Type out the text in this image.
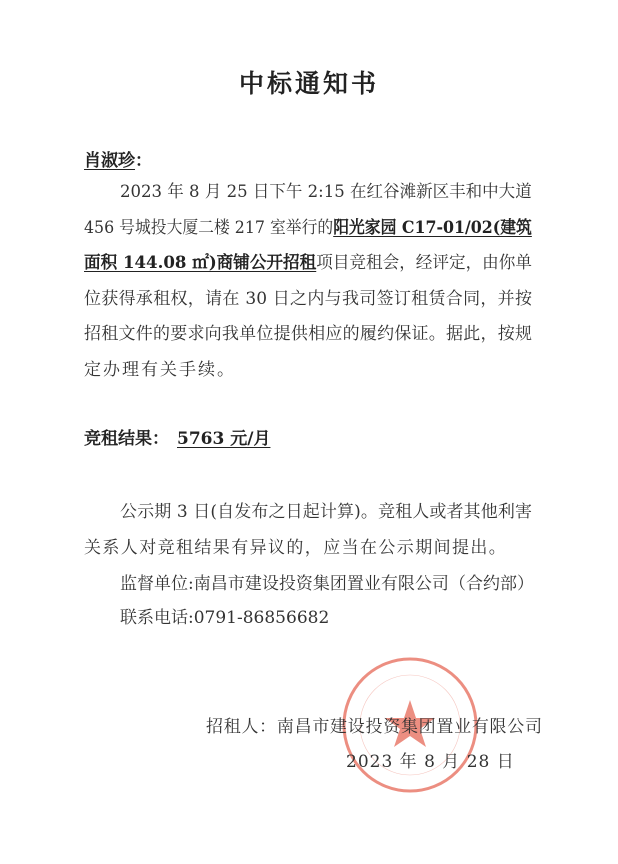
中标通知书
肖淑珍：
2023 年 8 月 25 日下午 2:15 在红谷滩新区丰和中大道
456 号城投大厦二楼 217 室举行的阳光家园 C17-01/02(建筑
面积 144.08 ㎡)商铺公开招租项目竞租会，经评定，由你单
位获得承租权，请在 30 日之内与我司签订租赁合同，并按
招租文件的要求向我单位提供相应的履约保证。据此，按规
定办理有关手续。
竞租结果： 5763 元/月
公示期 3 日(自发布之日起计算)。竞租人或者其他利害
关系人对竞租结果有异议的，应当在公示期间提出。
监督单位:南昌市建设投资集团置业有限公司（合约部）
联系电话:0791-86856682
招租人：南昌市建设投资集团置业有限公司
2023 年 8 月 28 日
